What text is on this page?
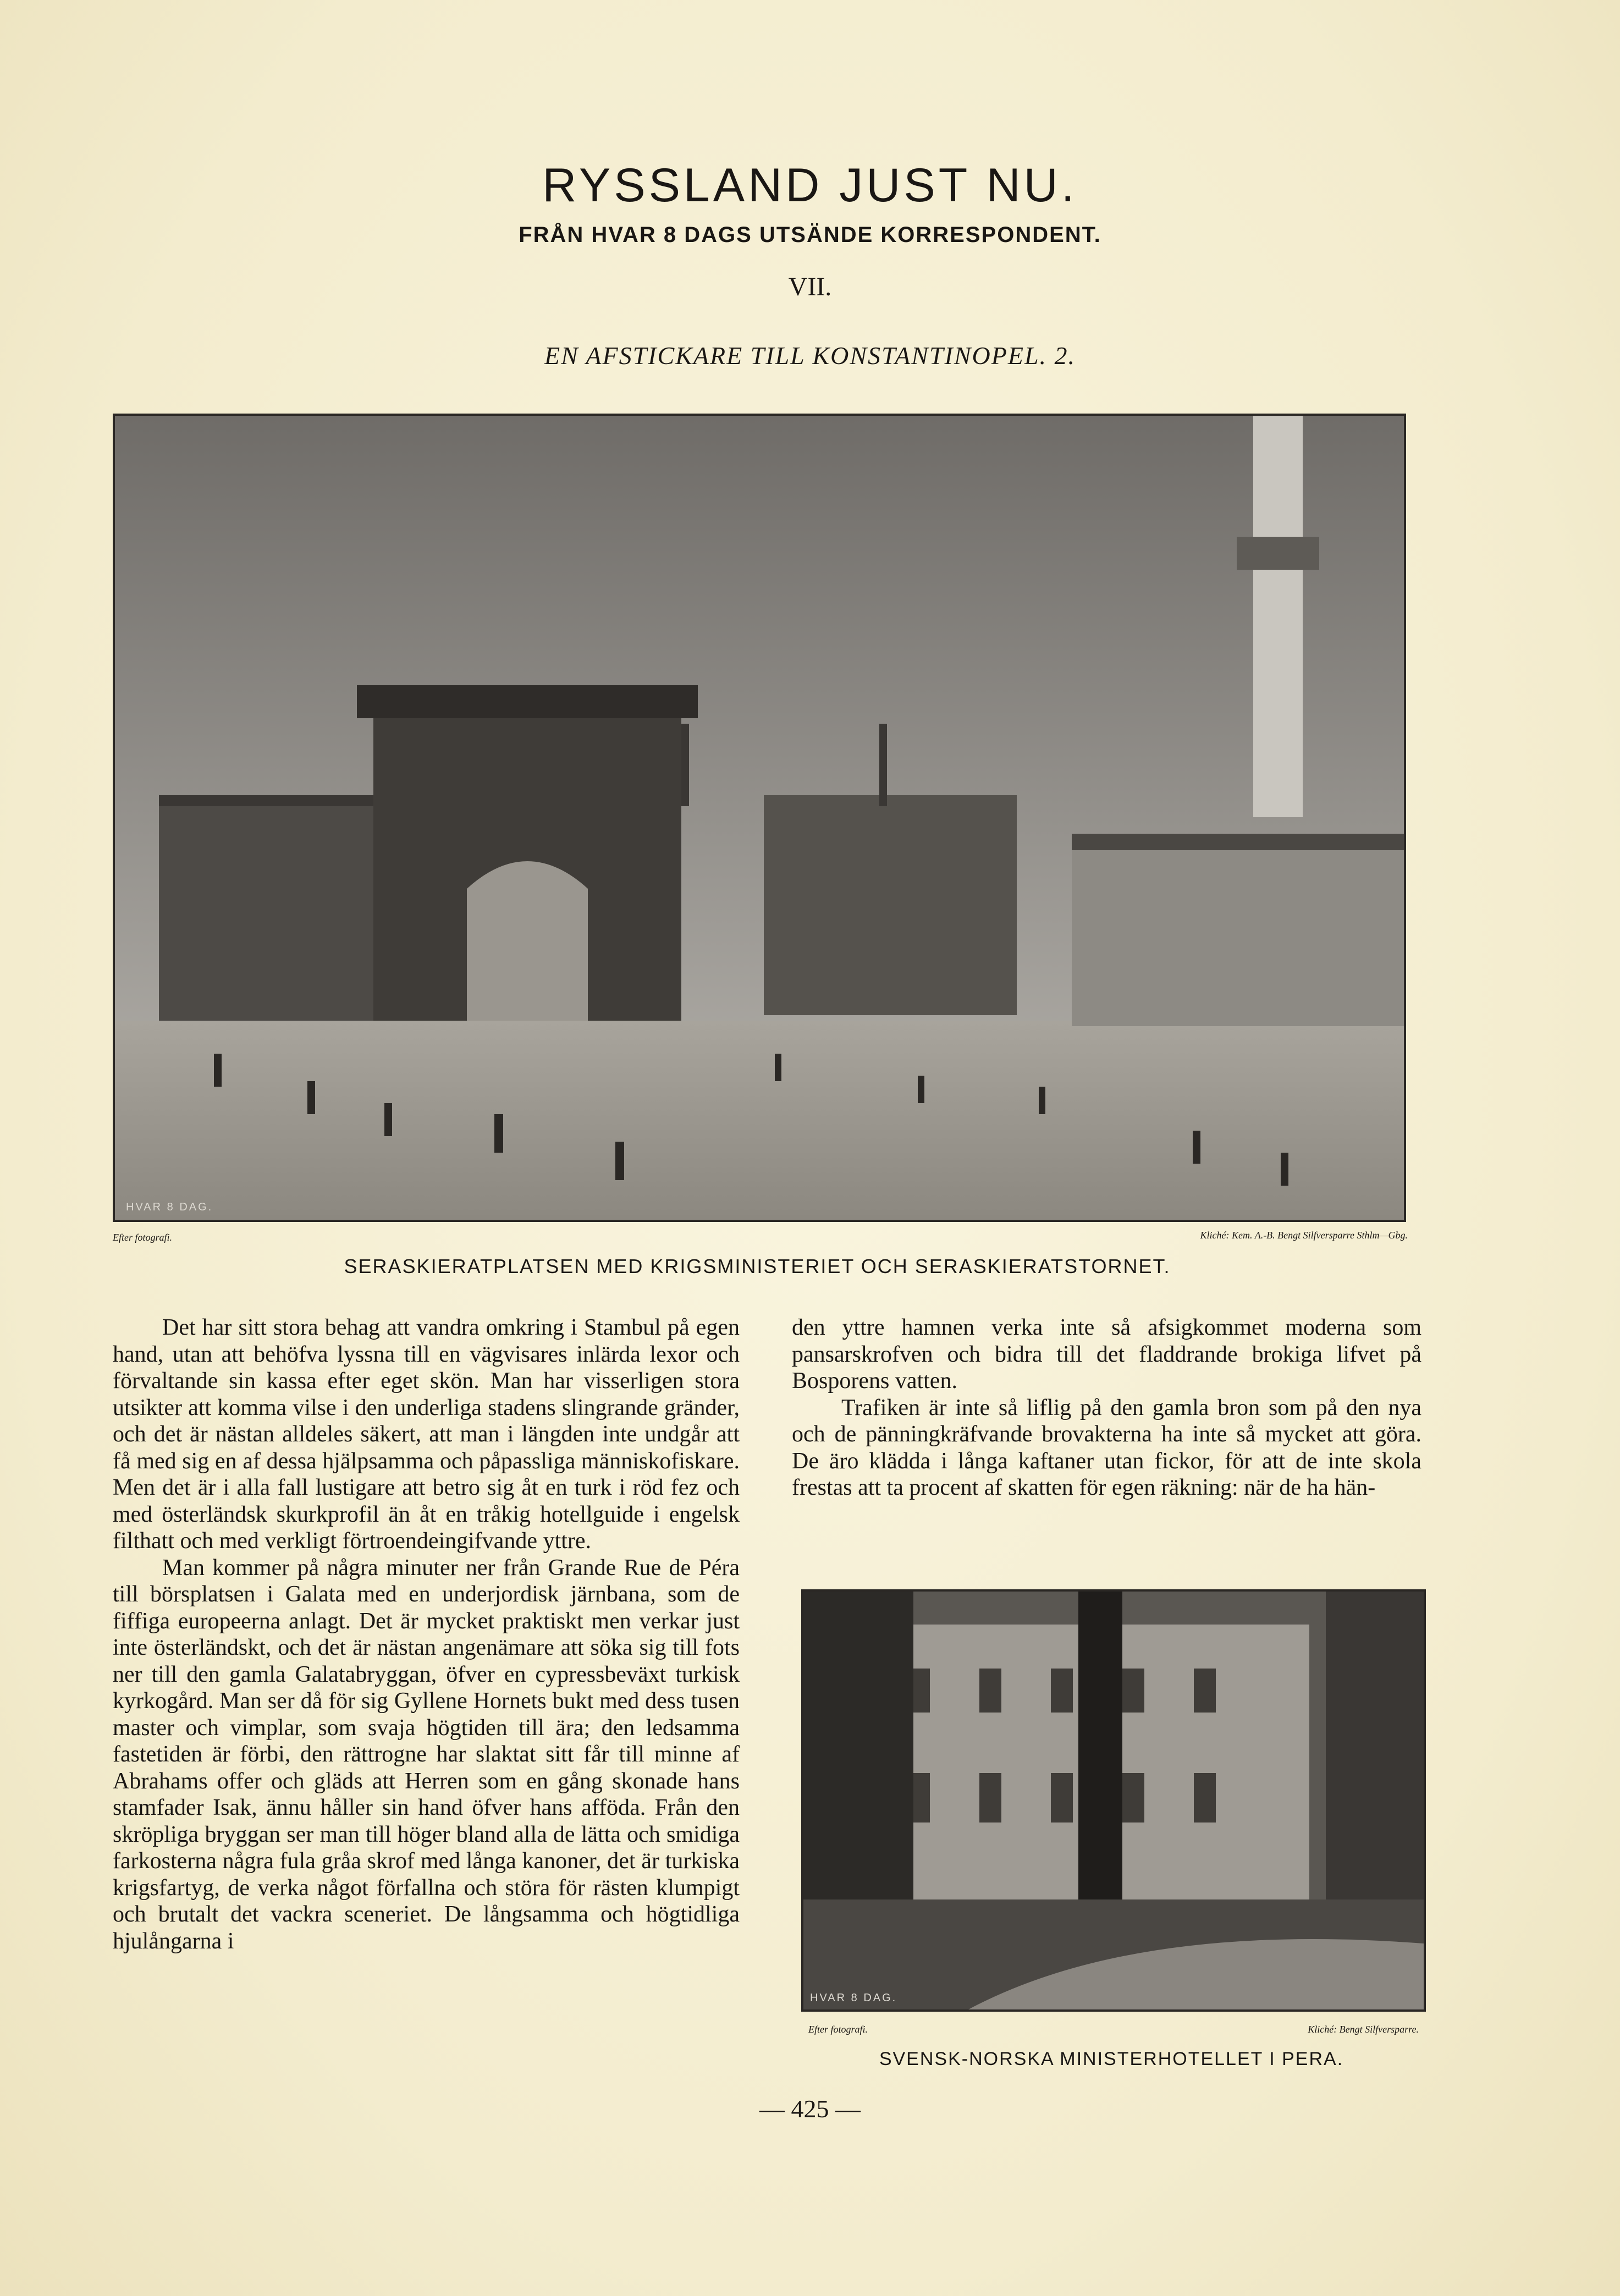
RYSSLAND JUST NU.
FRÅN HVAR 8 DAGS UTSÄNDE KORRESPONDENT.
VII.
EN AFSTICKARE TILL KONSTANTINOPEL. 2.
HVAR 8 DAG.
Efter fotografi.	Kliché: Kem. A.-B. Bengt Silfversparre Sthlm—Gbg.
SERASKIERATPLATSEN MED KRIGSMINISTERIET OCH SERASKIERATSTORNET.

Det har sitt stora behag att vandra omkring i Stambul på egen hand, utan att behöfva lyssna till en vägvisares inlärda lexor och förvaltande sin kassa efter eget skön. Man har visserligen stora utsikter att komma vilse i den underliga stadens slingrande gränder, och det är nästan alldeles säkert, att man i längden inte undgår att få med sig en af dessa hjälpsamma och påpassliga människofiskare. Men det är i alla fall lustigare att betro sig åt en turk i röd fez och med österländsk skurkprofil än åt en tråkig hotellguide i engelsk filthatt och med verkligt förtroendeingifvande yttre.

Man kommer på några minuter ner från Grande Rue de Péra till börsplatsen i Galata med en underjordisk järnbana, som de fiffiga europeerna anlagt. Det är mycket praktiskt men verkar just inte österländskt, och det är nästan angenämare att söka sig till fots ner till den gamla Galatabryggan, öfver en cypressbeväxt turkisk kyrkogård. Man ser då för sig Gyllene Hornets bukt med dess tusen master och vimplar, som svaja högtiden till ära; den ledsamma fastetiden är förbi, den rättrogne har slaktat sitt får till minne af Abrahams offer och gläds att Herren som en gång skonade hans stamfader Isak, ännu håller sin hand öfver hans afföda. Från den skröpliga bryggan ser man till höger bland alla de lätta och smidiga farkosterna några fula gråa skrof med långa kanoner, det är turkiska krigsfartyg, de verka något förfallna och störa för rästen klumpigt och brutalt det vackra sceneriet. De långsamma och högtidliga hjulångarna i

den yttre hamnen verka inte så afsigkommet moderna som pansarskrofven och bidra till det fladdrande brokiga lifvet på Bosporens vatten.

Trafiken är inte så liflig på den gamla bron som på den nya och de pänningkräfvande brovakterna ha inte så mycket att göra. De äro klädda i långa kaftaner utan fickor, för att de inte skola frestas att ta procent af skatten för egen räkning: när de ha hän-

HVAR 8 DAG.
Efter fotografi.	Kliché: Bengt Silfversparre.
SVENSK-NORSKA MINISTERHOTELLET I PERA.
— 425 —
